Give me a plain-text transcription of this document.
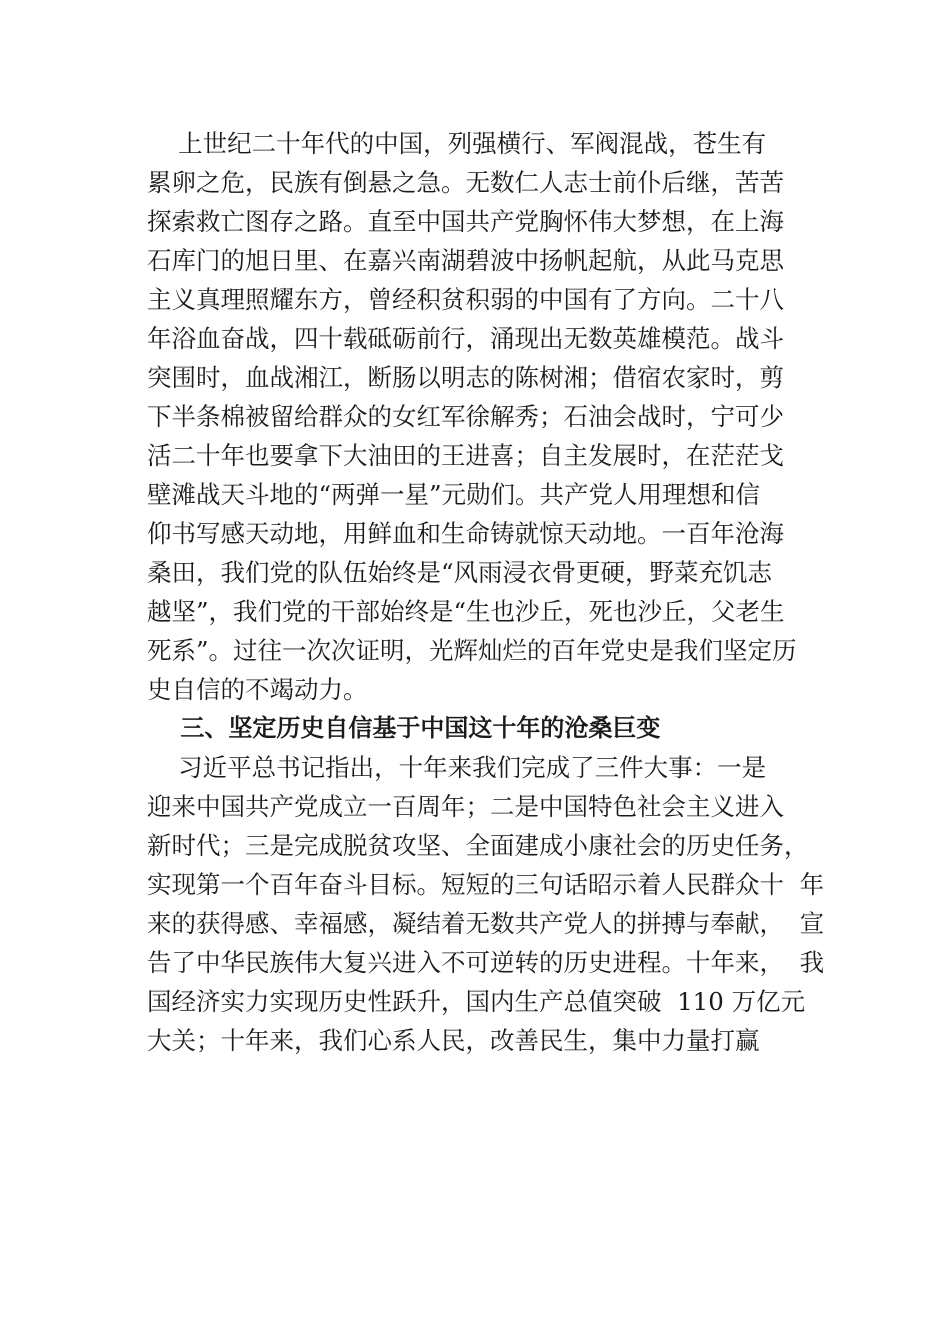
上世纪二十年代的中国，列强横行、军阀混战，苍生有
累卵之危，民族有倒悬之急。无数仁人志士前仆后继，苦苦
探索救亡图存之路。直至中国共产党胸怀伟大梦想，在上海
石库门的旭日里、在嘉兴南湖碧波中扬帆起航，从此马克思
主义真理照耀东方，曾经积贫积弱的中国有了方向。二十八
年浴血奋战，四十载砥砺前行，涌现出无数英雄模范。战斗
突围时，血战湘江，断肠以明志的陈树湘；借宿农家时，剪
下半条棉被留给群众的女红军徐解秀；石油会战时，宁可少
活二十年也要拿下大油田的王进喜；自主发展时，在茫茫戈
壁滩战天斗地的“两弹一星”元勋们。共产党人用理想和信
仰书写感天动地，用鲜血和生命铸就惊天动地。一百年沧海
桑田，我们党的队伍始终是“风雨浸衣骨更硬，野菜充饥志
越坚”，我们党的干部始终是“生也沙丘，死也沙丘，父老生
死系”。过往一次次证明，光辉灿烂的百年党史是我们坚定历
史自信的不竭动力。
三、坚定历史自信基于中国这十年的沧桑巨变
习近平总书记指出，十年来我们完成了三件大事：一是
迎来中国共产党成立一百周年；二是中国特色社会主义进入
新时代；三是完成脱贫攻坚、全面建成小康社会的历史任务，
实现第一个百年奋斗目标。短短的三句话昭示着人民群众十  年
来的获得感、幸福感，凝结着无数共产党人的拼搏与奉献，  宣
告了中华民族伟大复兴进入不可逆转的历史进程。十年来，  我
国经济实力实现历史性跃升，国内生产总值突破  110 万亿元
大关；十年来，我们心系人民，改善民生，集中力量打赢
